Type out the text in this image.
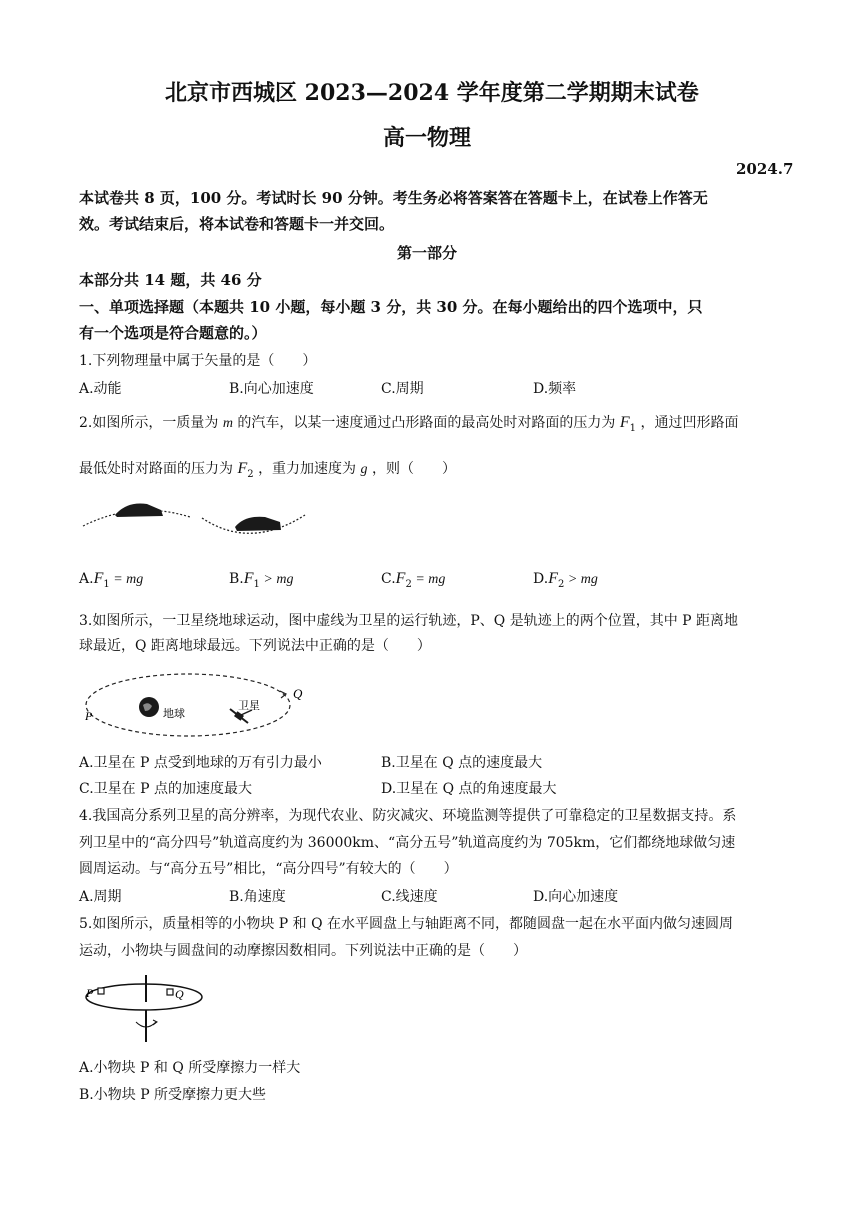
北京市西城区 2023—2024 学年度第二学期期末试卷
高一物理
2024.7
本试卷共 8 页，100 分。考试时长 90 分钟。考生务必将答案答在答题卡上，在试卷上作答无
效。考试结束后，将本试卷和答题卡一并交回。
第一部分
本部分共 14 题，共 46 分
一、单项选择题（本题共 10 小题，每小题 3 分，共 30 分。在每小题给出的四个选项中，只
有一个选项是符合题意的。）
1.下列物理量中属于矢量的是（　　）
A.动能	B.向心加速度	C.周期	D.频率
2.如图所示，一质量为 m 的汽车，以某一速度通过凸形路面的最高处时对路面的压力为 $F_1$ ，通过凹形路面
最低处时对路面的压力为 $F_2$ ，重力加速度为 g ，则（　　）
$A.F_1$ = mg	$B.F_1$ > mg	$C.F_2$ = mg	$D.F_2$ > mg
3.如图所示，一卫星绕地球运动，图中虚线为卫星的运行轨迹，P、Q 是轨迹上的两个位置，其中 P 距离地
球最近，Q 距离地球最远。下列说法中正确的是（　　）
P
Q
地球
卫星
A.卫星在 P 点受到地球的万有引力最小	B.卫星在 Q 点的速度最大
C.卫星在 P 点的加速度最大	D.卫星在 Q 点的角速度最大
4.我国高分系列卫星的高分辨率，为现代农业、防灾减灾、环境监测等提供了可靠稳定的卫星数据支持。系
列卫星中的“高分四号”轨道高度约为 36000km、“高分五号”轨道高度约为 705km，它们都绕地球做匀速
圆周运动。与“高分五号”相比，“高分四号”有较大的（　　）
A.周期	B.角速度	C.线速度	D.向心加速度
5.如图所示，质量相等的小物块 P 和 Q 在水平圆盘上与轴距离不同，都随圆盘一起在水平面内做匀速圆周
运动，小物块与圆盘间的动摩擦因数相同。下列说法中正确的是（　　）
P	Q
A.小物块 P 和 Q 所受摩擦力一样大
B.小物块 P 所受摩擦力更大些
